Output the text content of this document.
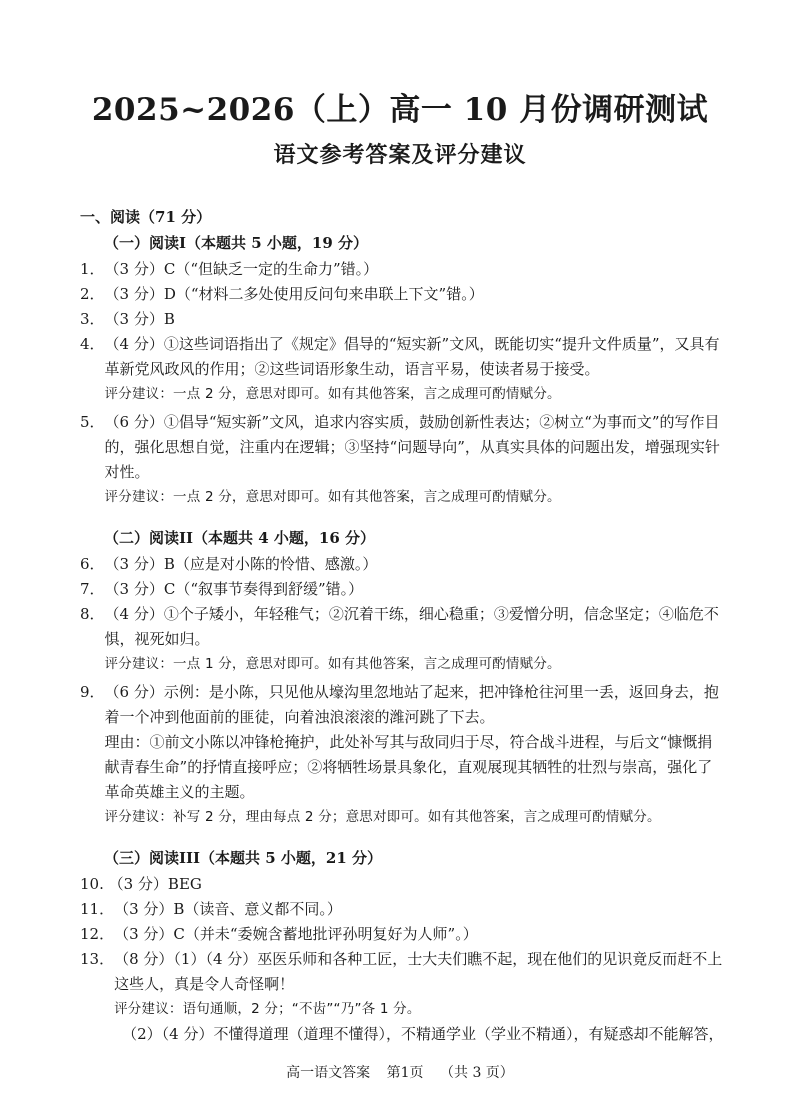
2025~2026（上）高一 10 月份调研测试
语文参考答案及评分建议
一、阅读（71 分）
（一）阅读I（本题共 5 小题，19 分）
1． （3 分）C（“但缺乏一定的生命力”错。）
2． （3 分）D（“材料二多处使用反问句来串联上下文”错。）
3． （3 分）B
4． （4 分）①这些词语指出了《规定》倡导的“短实新”文风，既能切实“提升文件质量”，又具有革新党风政风的作用；②这些词语形象生动，语言平易，使读者易于接受。

评分建议：一点 2 分，意思对即可。如有其他答案，言之成理可酌情赋分。

5． （6 分）①倡导“短实新”文风，追求内容实质，鼓励创新性表达；②树立“为事而文”的写作目的，强化思想自觉，注重内在逻辑；③坚持“问题导向”，从真实具体的问题出发，增强现实针对性。

评分建议：一点 2 分，意思对即可。如有其他答案，言之成理可酌情赋分。

（二）阅读II（本题共 4 小题，16 分）
6． （3 分）B（应是对小陈的怜惜、感激。）
7． （3 分）C（“叙事节奏得到舒缓”错。）
8． （4 分）①个子矮小，年轻稚气；②沉着干练，细心稳重；③爱憎分明，信念坚定；④临危不惧，视死如归。

评分建议：一点 1 分，意思对即可。如有其他答案，言之成理可酌情赋分。

9． （6 分）示例：是小陈，只见他从壕沟里忽地站了起来，把冲锋枪往河里一丢，返回身去，抱着一个冲到他面前的匪徒，向着浊浪滚滚的潍河跳了下去。

理由：①前文小陈以冲锋枪掩护，此处补写其与敌同归于尽，符合战斗进程，与后文“慷慨捐献青春生命”的抒情直接呼应；②将牺牲场景具象化，直观展现其牺牲的壮烈与崇高，强化了革命英雄主义的主题。

评分建议：补写 2 分，理由每点 2 分；意思对即可。如有其他答案，言之成理可酌情赋分。

（三）阅读III（本题共 5 小题，21 分）
10. （3 分）BEG
11． （3 分）B（读音、意义都不同。）
12． （3 分）C（并未“委婉含蓄地批评孙明复好为人师”。）
13． （8 分）（1）（4 分）巫医乐师和各种工匠，士大夫们瞧不起，现在他们的见识竟反而赶不上这些人，真是令人奇怪啊！

评分建议：语句通顺，2 分；“不齿”“乃”各 1 分。

（2）（4 分）不懂得道理（道理不懂得），不精通学业（学业不精通），有疑惑却不能解答，

高一语文答案 第1页 （共 3 页）
